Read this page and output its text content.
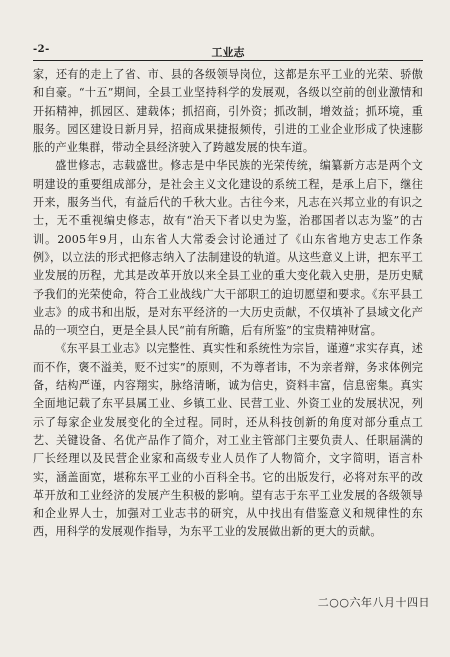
-2-	工业志

家，还有的走上了省、市、县的各级领导岗位，这都是东平工业的光荣、骄傲和自豪。“十五”期间，全县工业坚持科学的发展观，各级以空前的创业激情和开拓精神，抓园区、建载体；抓招商，引外资；抓改制，增效益；抓环境，重服务。园区建设日新月异，招商成果捷报频传，引进的工业企业形成了快速膨胀的产业集群，带动全县经济驶入了跨越发展的快车道。

盛世修志，志载盛世。修志是中华民族的光荣传统，编纂新方志是两个文明建设的重要组成部分，是社会主义文化建设的系统工程，是承上启下，继往开来，服务当代，有益后代的千秋大业。古往今来，凡志在兴邦立业的有识之士，无不重视编史修志，故有“治天下者以史为鉴，治郡国者以志为鉴”的古训。2005年9月，山东省人大常委会讨论通过了《山东省地方史志工作条例》，以立法的形式把修志纳入了法制建设的轨道。从这些意义上讲，把东平工业发展的历程，尤其是改革开放以来全县工业的重大变化载入史册，是历史赋予我们的光荣使命，符合工业战线广大干部职工的迫切愿望和要求。《东平县工业志》的成书和出版，是对东平经济的一大历史贡献，不仅填补了县域文化产品的一项空白，更是全县人民“前有所瞻，后有所鉴”的宝贵精神财富。

《东平县工业志》以完整性、真实性和系统性为宗旨，谨遵“求实存真，述而不作，褒不溢美，贬不过实”的原则，不为尊者讳，不为亲者辩，务求体例完备，结构严谨，内容翔实，脉络清晰，诚为信史，资料丰富，信息密集。真实全面地记载了东平县属工业、乡镇工业、民营工业、外资工业的发展状况，列示了每家企业发展变化的全过程。同时，还从科技创新的角度对部分重点工艺、关键设备、名优产品作了简介，对工业主管部门主要负责人、任职届满的厂长经理以及民营企业家和高级专业人员作了人物简介，文字简明，语言朴实，涵盖面宽，堪称东平工业的小百科全书。它的出版发行，必将对东平的改革开放和工业经济的发展产生积极的影响。望有志于东平工业发展的各级领导和企业界人士，加强对工业志书的研究，从中找出有借鉴意义和规律性的东西，用科学的发展观作指导，为东平工业的发展做出新的更大的贡献。

二○○六年八月十四日
